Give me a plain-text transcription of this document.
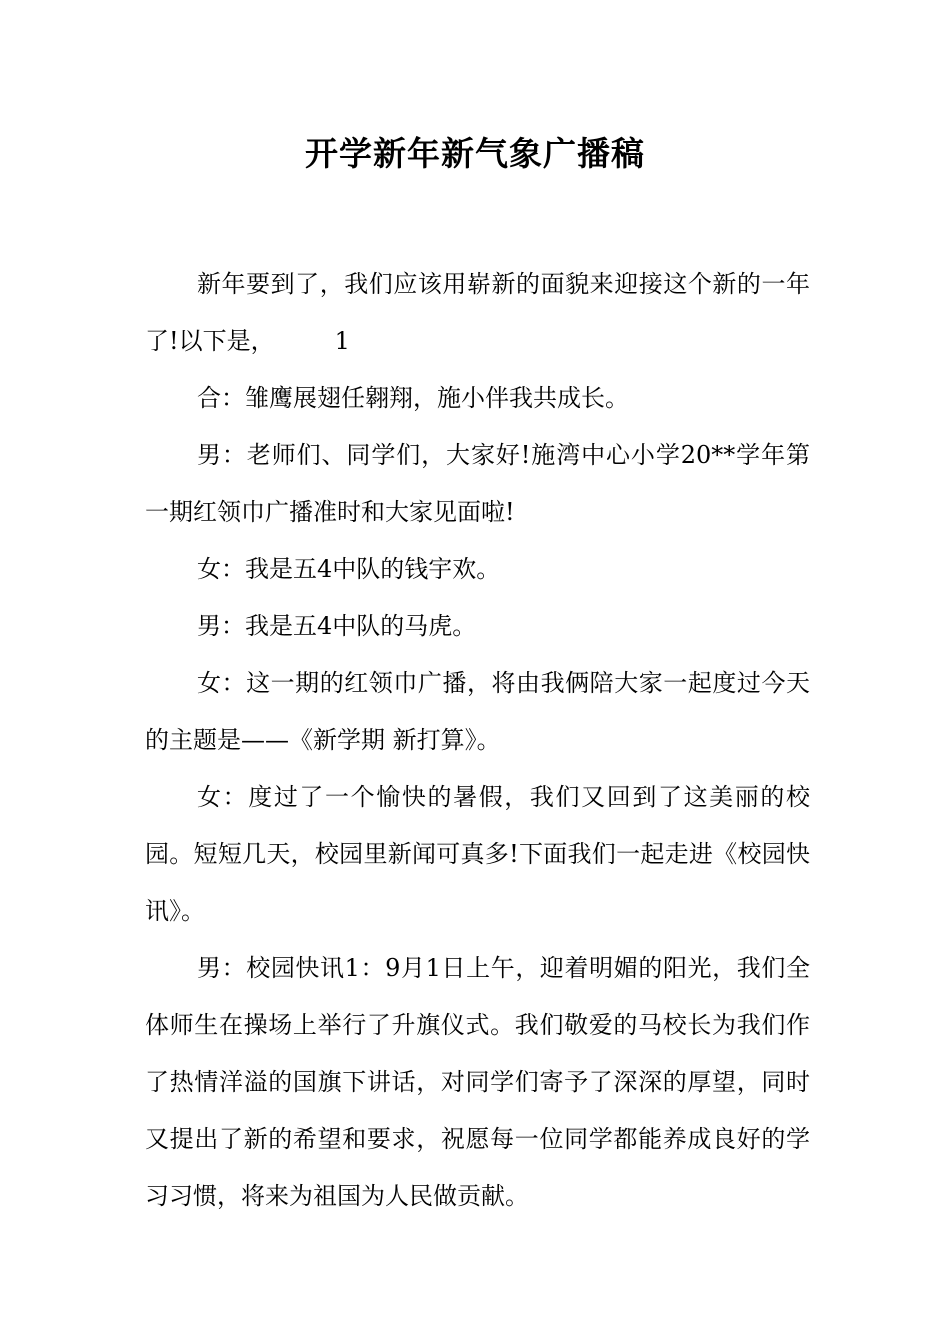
开学新年新气象广播稿

新年要到了，我们应该用崭新的面貌来迎接这个新的一年了!以下是，　　　1

合：雏鹰展翅任翱翔，施小伴我共成长。

男：老师们、同学们，大家好!施湾中心小学20**学年第一期红领巾广播准时和大家见面啦!

女：我是五4中队的钱宇欢。

男：我是五4中队的马虎。

女：这一期的红领巾广播，将由我俩陪大家一起度过今天的主题是——《新学期 新打算》。

女：度过了一个愉快的暑假，我们又回到了这美丽的校园。短短几天，校园里新闻可真多!下面我们一起走进《校园快讯》。

男：校园快讯1：9月1日上午，迎着明媚的阳光，我们全体师生在操场上举行了升旗仪式。我们敬爱的马校长为我们作了热情洋溢的国旗下讲话，对同学们寄予了深深的厚望，同时又提出了新的希望和要求，祝愿每一位同学都能养成良好的学习习惯，将来为祖国为人民做贡献。
